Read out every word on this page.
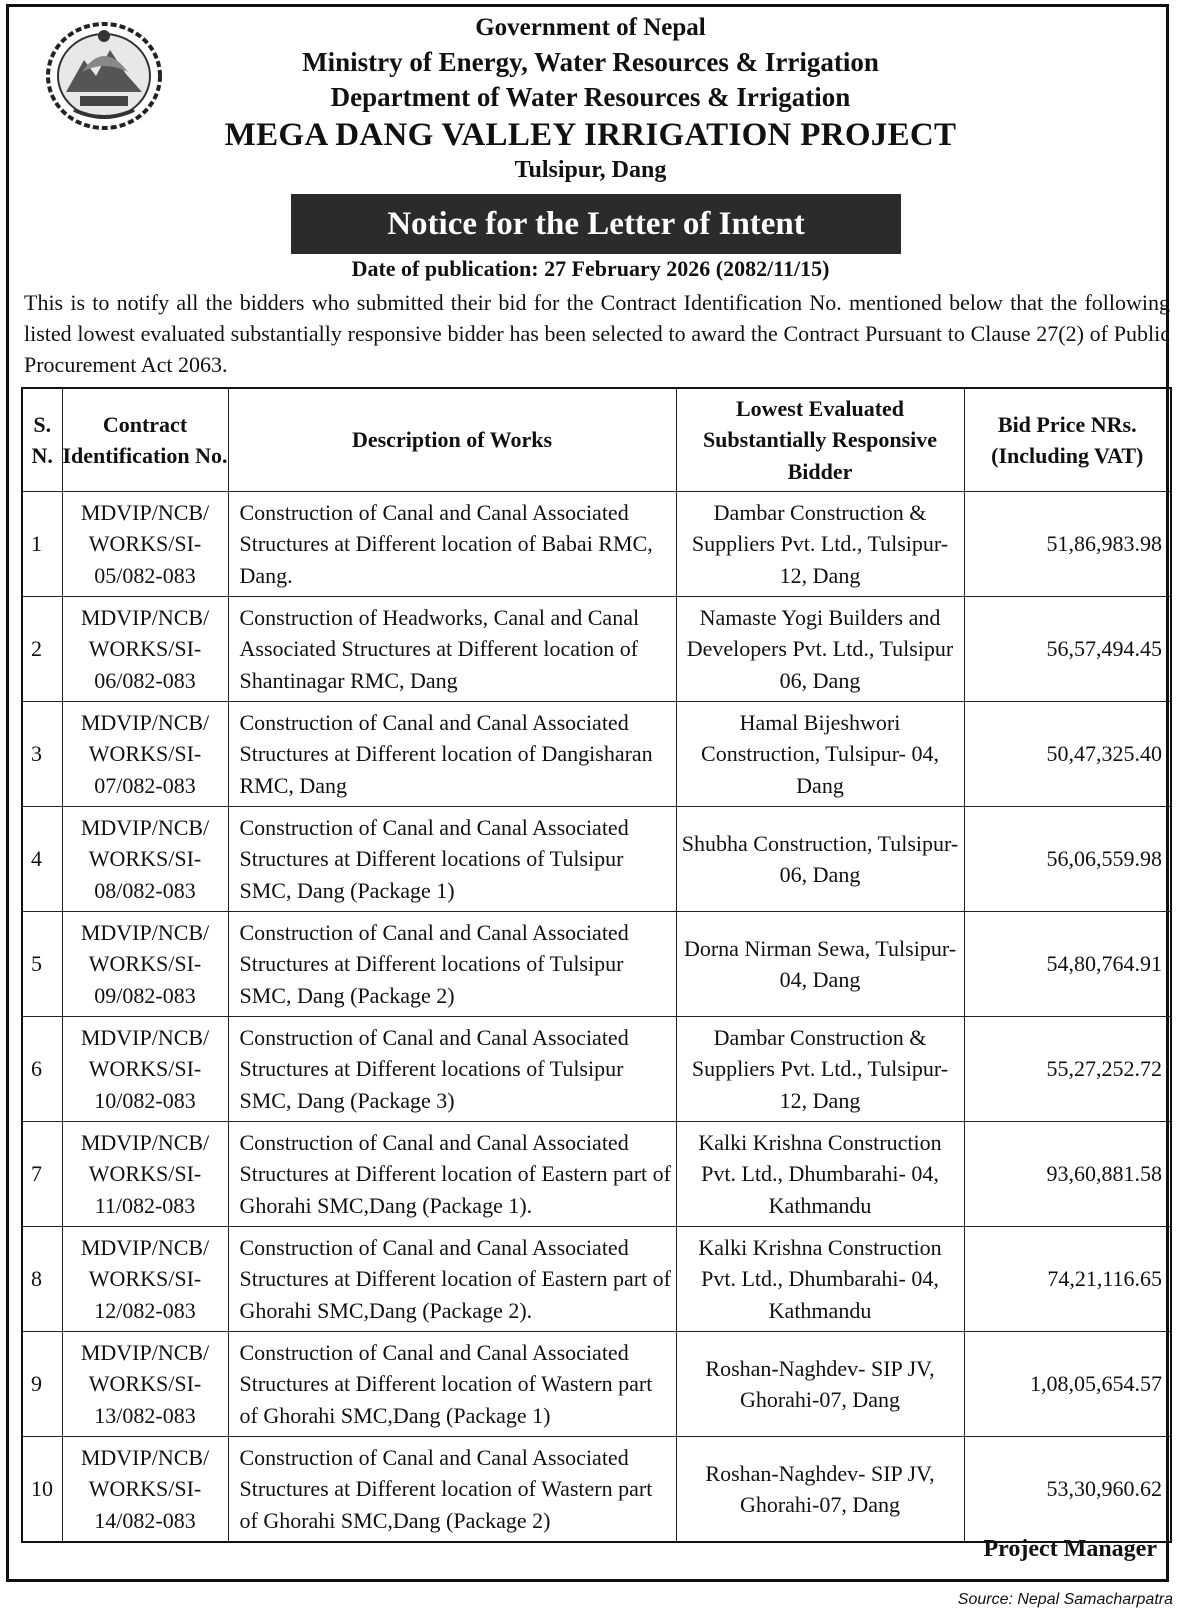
Government of Nepal
Ministry of Energy, Water Resources & Irrigation
Department of Water Resources & Irrigation
MEGA DANG VALLEY IRRIGATION PROJECT
Tulsipur, Dang
Notice for the Letter of Intent
Date of publication: 27 February 2026 (2082/11/15)
This is to notify all the bidders who submitted their bid for the Contract Identification No. mentioned below that the following listed lowest evaluated substantially responsive bidder has been selected to award the Contract Pursuant to Clause 27(2) of Public Procurement Act 2063.
S. N.	Contract Identification No.	Description of Works	Lowest Evaluated Substantially Responsive Bidder	Bid Price NRs. (Including VAT)
1	MDVIP/NCB/ WORKS/SI- 05/082-083	Construction of Canal and Canal Associated Structures at Different location of Babai RMC, Dang.	Dambar Construction & Suppliers Pvt. Ltd., Tulsipur-12, Dang	51,86,983.98
2	MDVIP/NCB/ WORKS/SI- 06/082-083	Construction of Headworks, Canal and Canal Associated Structures at Different location of Shantinagar RMC, Dang	Namaste Yogi Builders and Developers Pvt. Ltd., Tulsipur 06, Dang	56,57,494.45
3	MDVIP/NCB/ WORKS/SI- 07/082-083	Construction of Canal and Canal Associated Structures at Different location of Dangisharan RMC, Dang	Hamal Bijeshwori Construction, Tulsipur- 04, Dang	50,47,325.40
4	MDVIP/NCB/ WORKS/SI- 08/082-083	Construction of Canal and Canal Associated Structures at Different locations of Tulsipur SMC, Dang (Package 1)	Shubha Construction, Tulsipur-06, Dang	56,06,559.98
5	MDVIP/NCB/ WORKS/SI- 09/082-083	Construction of Canal and Canal Associated Structures at Different locations of Tulsipur SMC, Dang (Package 2)	Dorna Nirman Sewa, Tulsipur-04, Dang	54,80,764.91
6	MDVIP/NCB/ WORKS/SI- 10/082-083	Construction of Canal and Canal Associated Structures at Different locations of Tulsipur SMC, Dang (Package 3)	Dambar Construction & Suppliers Pvt. Ltd., Tulsipur-12, Dang	55,27,252.72
7	MDVIP/NCB/ WORKS/SI- 11/082-083	Construction of Canal and Canal Associated Structures at Different location of Eastern part of Ghorahi SMC,Dang (Package 1).	Kalki Krishna Construction Pvt. Ltd., Dhumbarahi- 04, Kathmandu	93,60,881.58
8	MDVIP/NCB/ WORKS/SI- 12/082-083	Construction of Canal and Canal Associated Structures at Different location of Eastern part of Ghorahi SMC,Dang (Package 2).	Kalki Krishna Construction Pvt. Ltd., Dhumbarahi- 04, Kathmandu	74,21,116.65
9	MDVIP/NCB/ WORKS/SI- 13/082-083	Construction of Canal and Canal Associated Structures at Different location of Wastern part of Ghorahi SMC,Dang (Package 1)	Roshan-Naghdev- SIP JV, Ghorahi-07, Dang	1,08,05,654.57
10	MDVIP/NCB/ WORKS/SI- 14/082-083	Construction of Canal and Canal Associated Structures at Different location of Wastern part of Ghorahi SMC,Dang (Package 2)	Roshan-Naghdev- SIP JV, Ghorahi-07, Dang	53,30,960.62
Project Manager
Source: Nepal Samacharpatra
